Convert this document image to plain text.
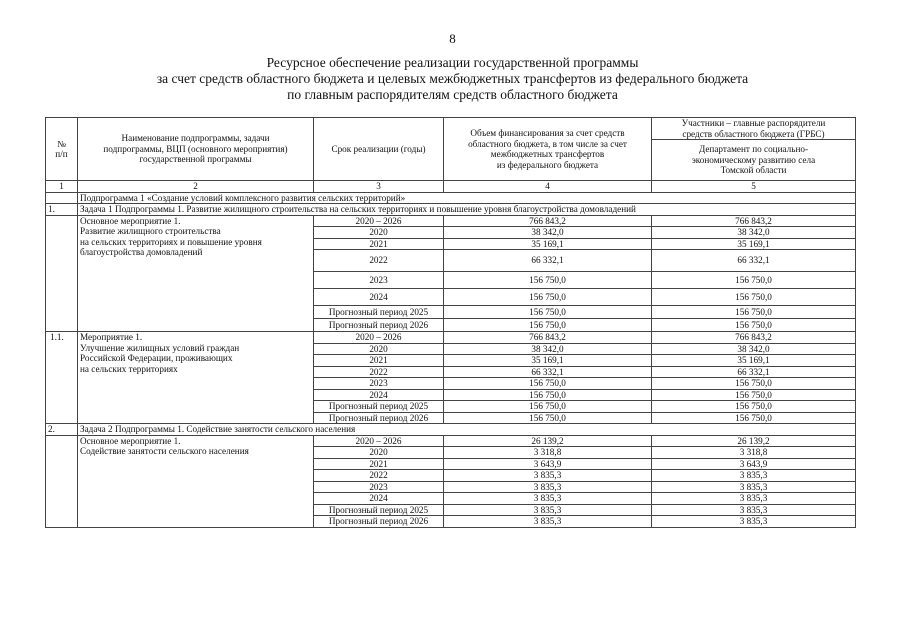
8
Ресурсное обеспечение реализации государственной программы
за счет средств областного бюджета и целевых межбюджетных трансфертов из федерального бюджета
по главным распорядителям средств областного бюджета
№
п/п	Наименование подпрограммы, задачи
подпрограммы, ВЦП (основного мероприятия)
государственной программы	Срок реализации (годы)	Объем финансирования за счет средств
областного бюджета, в том числе за счет
межбюджетных трансфертов
из федерального бюджета	Участники – главные распорядители
средств областного бюджета (ГРБС)
				Департамент по социально-
экономическому развитию села
Томской области
1	2	3	4	5
	Подпрограмма 1 «Создание условий комплексного развития сельских территорий»			
1.	Задача 1 Подпрограммы 1. Развитие жилищного строительства на сельских территориях и повышение уровня благоустройства домовладений			
	Основное мероприятие 1.
Развитие жилищного строительства
на сельских территориях и повышение уровня
благоустройства домовладений	2020 – 2026	766 843,2	766 843,2
		2020	38 342,0	38 342,0
		2021	35 169,1	35 169,1
		2022	66 332,1	66 332,1
		2023	156 750,0	156 750,0
		2024	156 750,0	156 750,0
		Прогнозный период 2025	156 750,0	156 750,0
		Прогнозный период 2026	156 750,0	156 750,0
1.1.	Мероприятие 1.
Улучшение жилищных условий граждан
Российской Федерации, проживающих
на сельских территориях	2020 – 2026	766 843,2	766 843,2
		2020	38 342,0	38 342,0
		2021	35 169,1	35 169,1
		2022	66 332,1	66 332,1
		2023	156 750,0	156 750,0
		2024	156 750,0	156 750,0
		Прогнозный период 2025	156 750,0	156 750,0
		Прогнозный период 2026	156 750,0	156 750,0
2.	Задача 2 Подпрограммы 1. Содействие занятости сельского населения			
	Основное мероприятие 1.
Содействие занятости сельского населения	2020 – 2026	26 139,2	26 139,2
		2020	3 318,8	3 318,8
		2021	3 643,9	3 643,9
		2022	3 835,3	3 835,3
		2023	3 835,3	3 835,3
		2024	3 835,3	3 835,3
		Прогнозный период 2025	3 835,3	3 835,3
		Прогнозный период 2026	3 835,3	3 835,3
